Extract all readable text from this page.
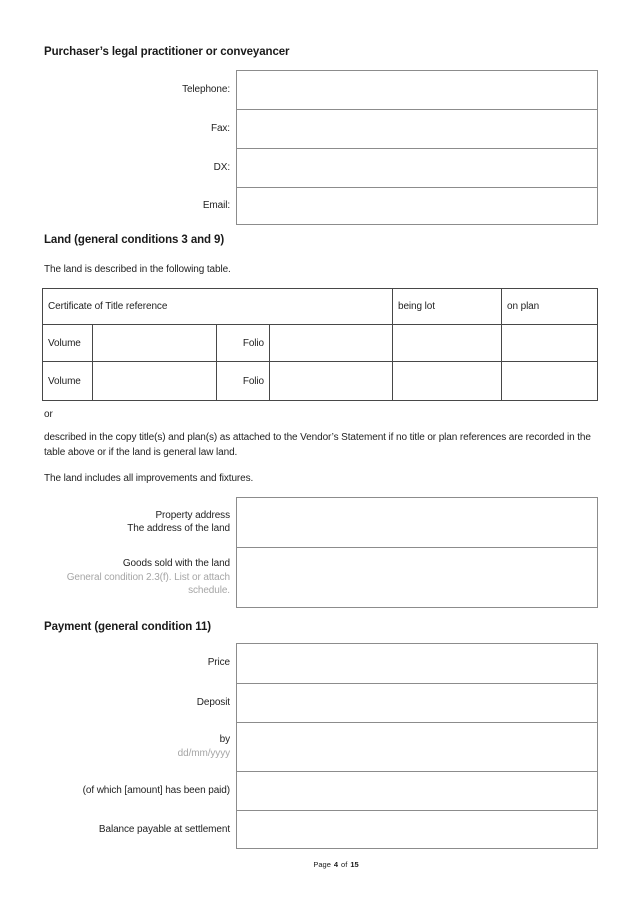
Purchaser’s legal practitioner or conveyancer
Telephone:
Fax:
DX:
Email:
Land (general conditions 3 and 9)
The land is described in the following table.
Certificate of Title reference	being lot	on plan
Volume	Folio
Volume	Folio
or
described in the copy title(s) and plan(s) as attached to the Vendor’s Statement if no title or plan references are recorded in the table above or if the land is general law land.
The land includes all improvements and fixtures.
Property address
The address of the land
Goods sold with the land
General condition 2.3(f). List or attach schedule.
Payment (general condition 11)
Price
Deposit
by
dd/mm/yyyy
(of which [amount] has been paid)
Balance payable at settlement
Page 4 of 15
